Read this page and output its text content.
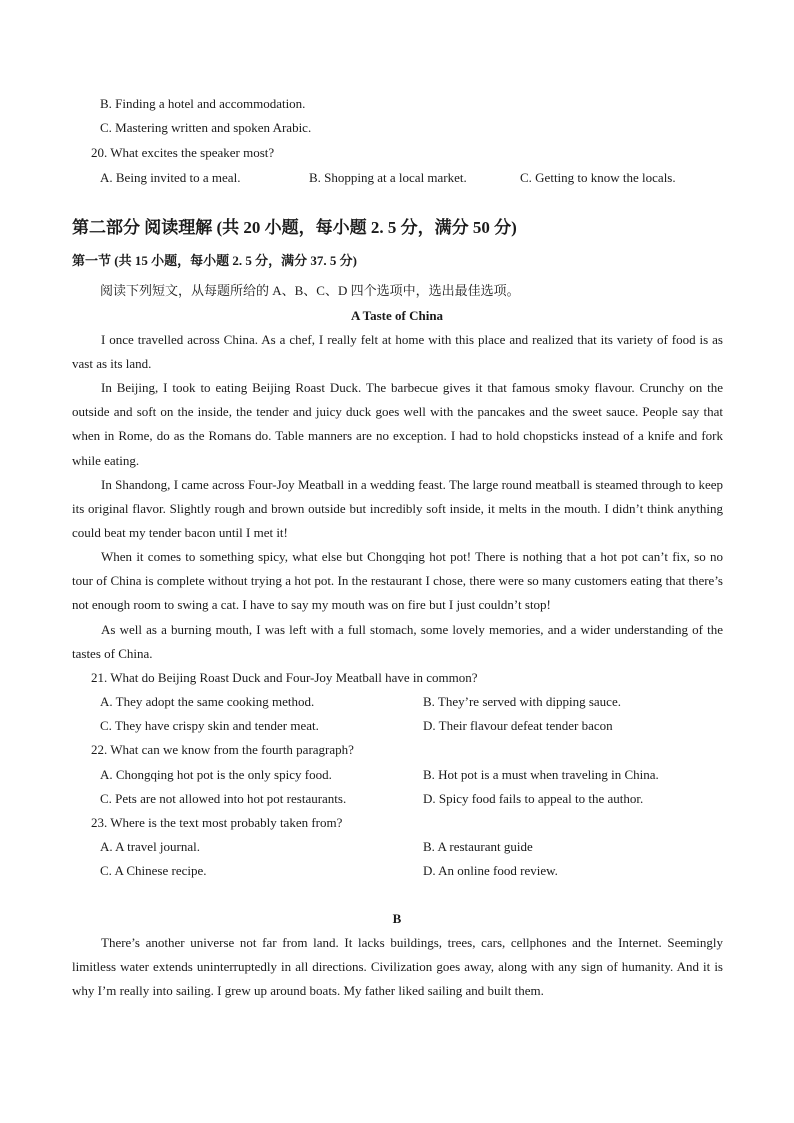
B. Finding a hotel and accommodation.
C. Mastering written and spoken Arabic.
20. What excites the speaker most?
A. Being invited to a meal.	B. Shopping at a local market.	C. Getting to know the locals.
第二部分 阅读理解 (共 20 小题，每小题 2. 5 分，满分 50 分)
第一节 (共 15 小题，每小题 2. 5 分，满分 37. 5 分)
阅读下列短文，从每题所给的 A、B、C、D 四个选项中，选出最佳选项。
A Taste of China

I once travelled across China. As a chef, I really felt at home with this place and realized that its variety of food is as vast as its land.

In Beijing, I took to eating Beijing Roast Duck. The barbecue gives it that famous smoky flavour. Crunchy on the outside and soft on the inside, the tender and juicy duck goes well with the pancakes and the sweet sauce. People say that when in Rome, do as the Romans do. Table manners are no exception. I had to hold chopsticks instead of a knife and fork while eating.

In Shandong, I came across Four-Joy Meatball in a wedding feast. The large round meatball is steamed through to keep its original flavor. Slightly rough and brown outside but incredibly soft inside, it melts in the mouth. I didn’t think anything could beat my tender bacon until I met it!

When it comes to something spicy, what else but Chongqing hot pot! There is nothing that a hot pot can’t fix, so no tour of China is complete without trying a hot pot. In the restaurant I chose, there were so many customers eating that there’s not enough room to swing a cat. I have to say my mouth was on fire but I just couldn’t stop!

As well as a burning mouth, I was left with a full stomach, some lovely memories, and a wider understanding of the tastes of China.

21. What do Beijing Roast Duck and Four-Joy Meatball have in common?
A. They adopt the same cooking method.	B. They’re served with dipping sauce.
C. They have crispy skin and tender meat.	D. Their flavour defeat tender bacon
22. What can we know from the fourth paragraph?
A. Chongqing hot pot is the only spicy food.	B. Hot pot is a must when traveling in China.
C. Pets are not allowed into hot pot restaurants.	D. Spicy food fails to appeal to the author.
23. Where is the text most probably taken from?
A. A travel journal.	B. A restaurant guide
C. A Chinese recipe.	D. An online food review.
B

There’s another universe not far from land. It lacks buildings, trees, cars, cellphones and the Internet. Seemingly limitless water extends uninterruptedly in all directions. Civilization goes away, along with any sign of humanity. And it is why I’m really into sailing. I grew up around boats. My father liked sailing and built them.
